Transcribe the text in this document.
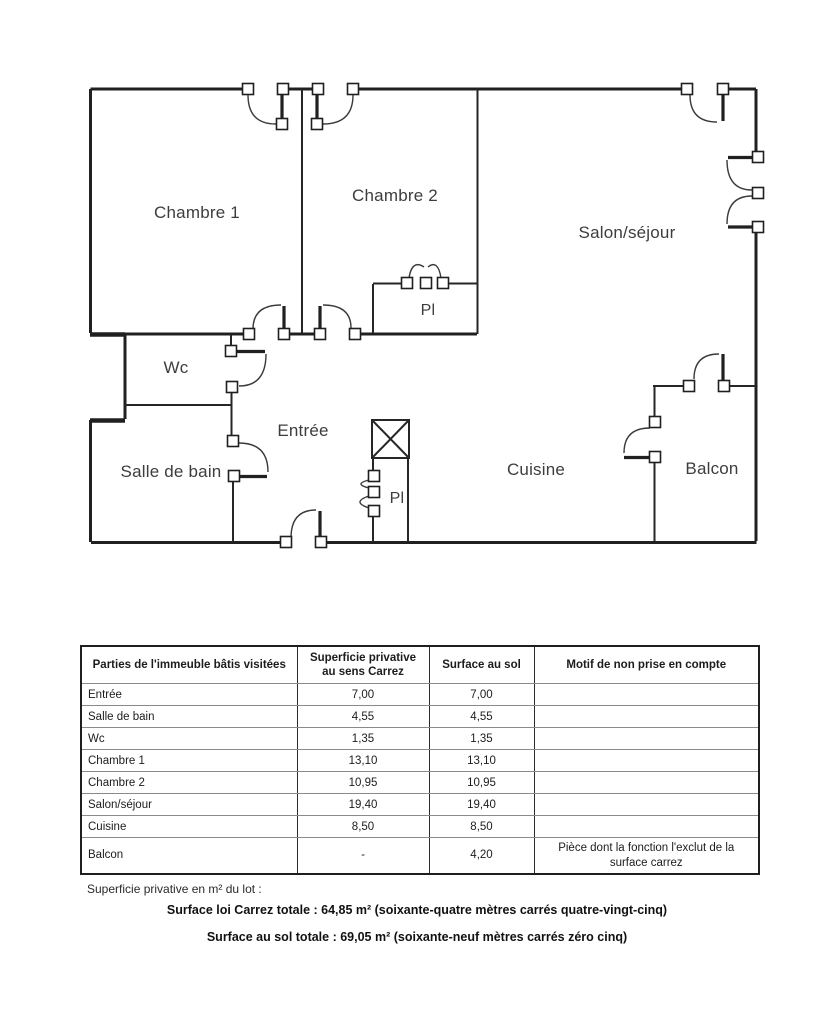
Chambre 1
Chambre 2
Salon/séjour
Wc
Entrée
Salle de bain	Cuisine	Balcon
Pl
Pl
Parties de l'immeuble bâtis visitées	Superficie privative au sens Carrez	Surface au sol	Motif de non prise en compte
Entrée	7,00	7,00	
Salle de bain	4,55	4,55	
Wc	1,35	1,35	
Chambre 1	13,10	13,10	
Chambre 2	10,95	10,95	
Salon/séjour	19,40	19,40	
Cuisine	8,50	8,50	
Balcon	-	4,20	Pièce dont la fonction l'exclut de la surface carrez
Superficie privative en m² du lot :
Surface loi Carrez totale : 64,85 m² (soixante-quatre mètres carrés quatre-vingt-cinq)
Surface au sol totale : 69,05 m² (soixante-neuf mètres carrés zéro cinq)
